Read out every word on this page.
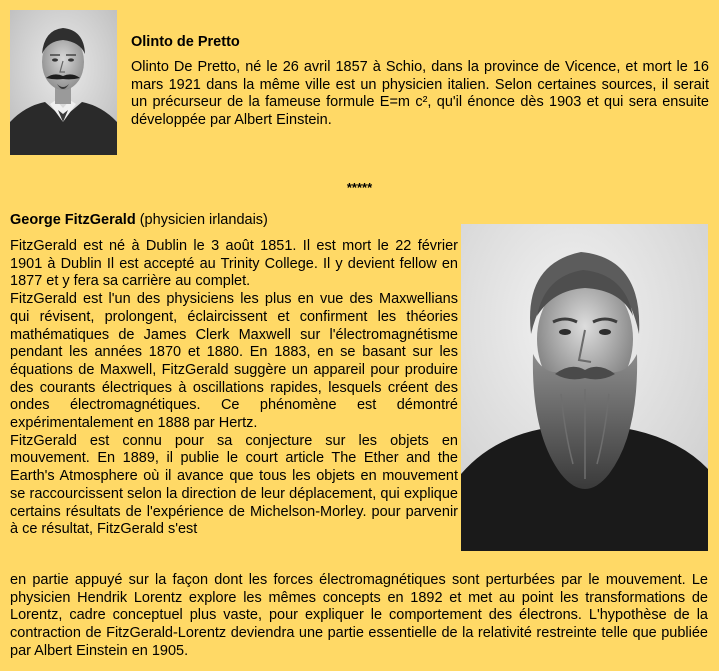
Olinto de Pretto

Olinto De Pretto, né le 26 avril 1857 à Schio, dans la province de Vicence, et mort le 16 mars 1921 dans la même ville est un physicien italien. Selon certaines sources, il serait un précurseur de la fameuse formule E=m c², qu'il énonce dès 1903 et qui sera ensuite développée par Albert Einstein.

*****
George FitzGerald (physicien irlandais)

FitzGerald est né à Dublin le 3 août 1851. Il est mort le 22 février 1901 à Dublin Il est accepté au Trinity College. Il y devient fellow en 1877 et y fera sa carrière au complet.

FitzGerald est l'un des physiciens les plus en vue des Maxwellians qui révisent, prolongent, éclaircissent et confirment les théories mathématiques de James Clerk Maxwell sur l'électromagnétisme pendant les années 1870 et 1880. En 1883, en se basant sur les équations de Maxwell, FitzGerald suggère un appareil pour produire des courants électriques à oscillations rapides, lesquels créent des ondes électromagnétiques. Ce phénomène est démontré expérimentalement en 1888 par Hertz.

FitzGerald est connu pour sa conjecture sur les objets en mouvement. En 1889, il publie le court article The Ether and the Earth's Atmosphere où il avance que tous les objets en mouvement se raccourcissent selon la direction de leur déplacement, qui explique certains résultats de l'expérience de Michelson-Morley. pour parvenir à ce résultat, FitzGerald s'est

en partie appuyé sur la façon dont les forces électromagnétiques sont perturbées par le mouvement. Le physicien Hendrik Lorentz explore les mêmes concepts en 1892 et met au point les transformations de Lorentz, cadre conceptuel plus vaste, pour expliquer le comportement des électrons. L'hypothèse de la contraction de FitzGerald-Lorentz deviendra une partie essentielle de la relativité restreinte telle que publiée par Albert Einstein en 1905.
